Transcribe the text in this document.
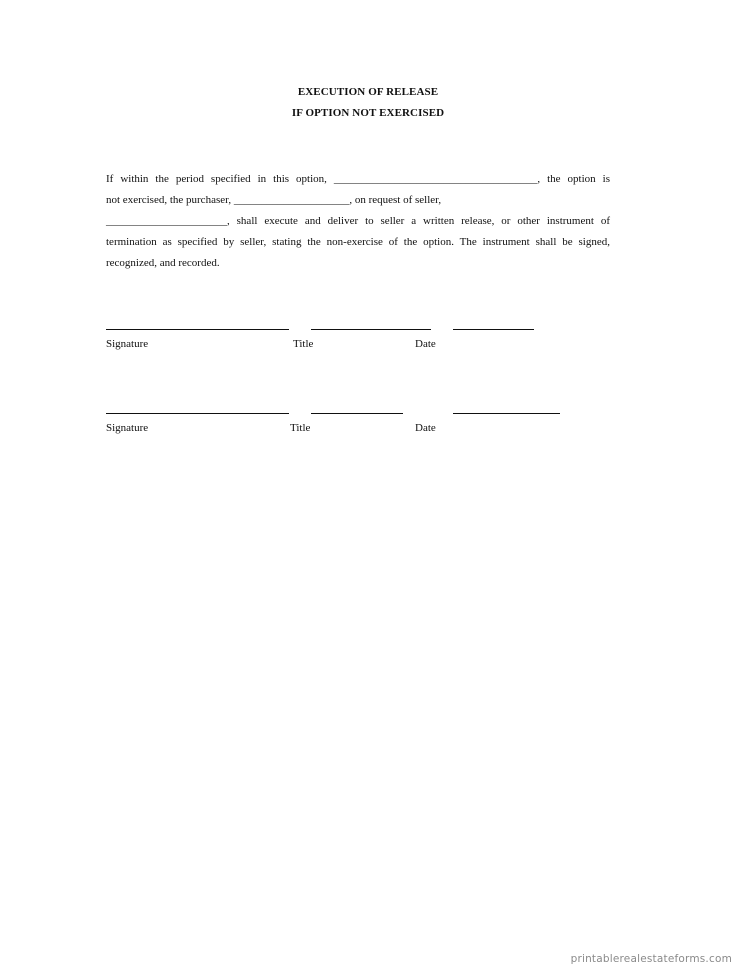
EXECUTION OF RELEASE
IF OPTION NOT EXERCISED
If within the period specified in this option, _____________________________________, the option is
not exercised, the purchaser, _____________________, on request of seller,
______________________, shall execute and deliver to seller a written release, or other instrument of
termination as specified by seller, stating the non-exercise of the option. The instrument shall be signed,
recognized, and recorded.
Signature	Title	Date
Signature	Title	Date
printablerealestateforms.com
